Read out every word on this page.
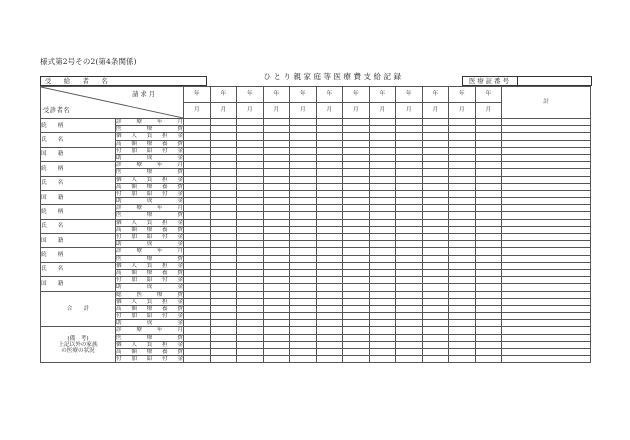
様式第2号その2(第4条関係)
ひとり親家庭等医療費支給記録
受　給　者　名	医療証番号
請求月
受診者名		年	年	年	年	年	年	年	年	年	年	年	年	計
		月	月	月	月	月	月	月	月	月	月	月	月	

続　　柄	診 療 年 月													
	医 療 費													

氏　　名	個 人 負 担 金													
	高 額 療 養 費													

国　　籍	付 加 給 付 金													
	助 成 金													

続　　柄	診 療 年 月													
	医 療 費													

氏　　名	個 人 負 担 金													
	高 額 療 養 費													

国　　籍	付 加 給 付 金													
	助 成 金													

続　　柄	診 療 年 月													
	医 療 費													

氏　　名	個 人 負 担 金													
	高 額 療 養 費													

国　　籍	付 加 給 付 金													
	助 成 金													

続　　柄	診 療 年 月													
	医 療 費													

氏　　名	個 人 負 担 金													
	高 額 療 養 費													

国　　籍	付 加 給 付 金													
	助 成 金													
合　　計	総 医 療 費													
	個 人 負 担 金													
	高 額 療 養 費													
	付 加 給 付 金													
	助 成 金													

(備　考)
上記以外の家族
の医療の状況	診 療 年 月													
	医 療 費													
	個 人 負 担 金													
	高 額 療 養 費													
	付 加 給 付 金													
